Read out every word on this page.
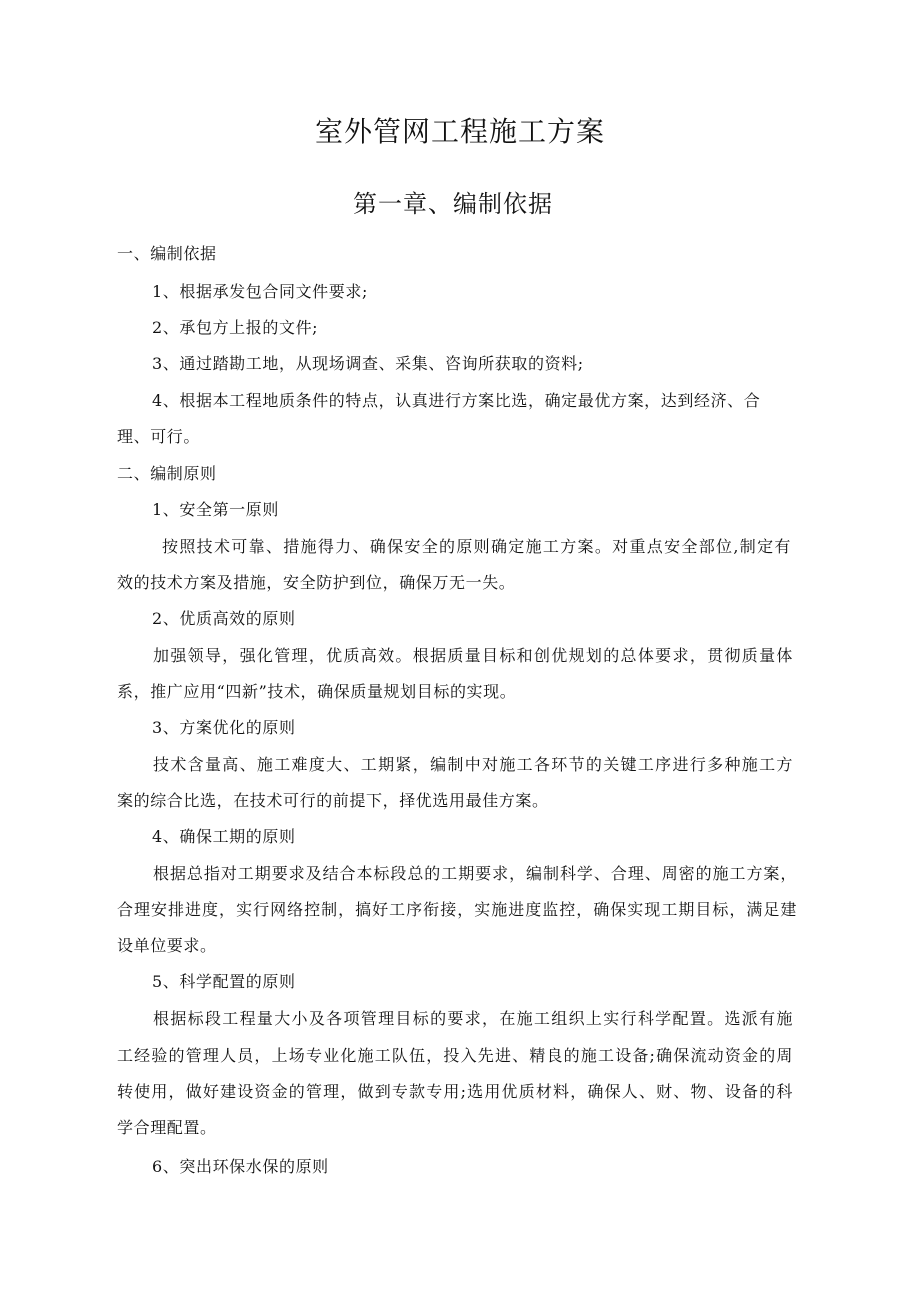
室外管网工程施工方案
第一章、编制依据
一、编制依据
1、根据承发包合同文件要求;
2、承包方上报的文件;
3、通过踏勘工地，从现场调查、采集、咨询所获取的资料;
4、根据本工程地质条件的特点，认真进行方案比选，确定最优方案，达到经济、合
理、可行。
二、编制原则
1、安全第一原则
按照技术可靠、措施得力、确保安全的原则确定施工方案。对重点安全部位,制定有
效的技术方案及措施，安全防护到位，确保万无一失。
2、优质高效的原则
加强领导，强化管理，优质高效。根据质量目标和创优规划的总体要求，贯彻质量体
系，推广应用“四新”技术，确保质量规划目标的实现。
3、方案优化的原则
技术含量高、施工难度大、工期紧，编制中对施工各环节的关键工序进行多种施工方
案的综合比选，在技术可行的前提下，择优选用最佳方案。
4、确保工期的原则
根据总指对工期要求及结合本标段总的工期要求，编制科学、合理、周密的施工方案，
合理安排进度，实行网络控制，搞好工序衔接，实施进度监控，确保实现工期目标，满足建
设单位要求。
5、科学配置的原则
根据标段工程量大小及各项管理目标的要求，在施工组织上实行科学配置。选派有施
工经验的管理人员，上场专业化施工队伍，投入先进、精良的施工设备;确保流动资金的周
转使用，做好建设资金的管理，做到专款专用;选用优质材料，确保人、财、物、设备的科
学合理配置。
6、突出环保水保的原则
